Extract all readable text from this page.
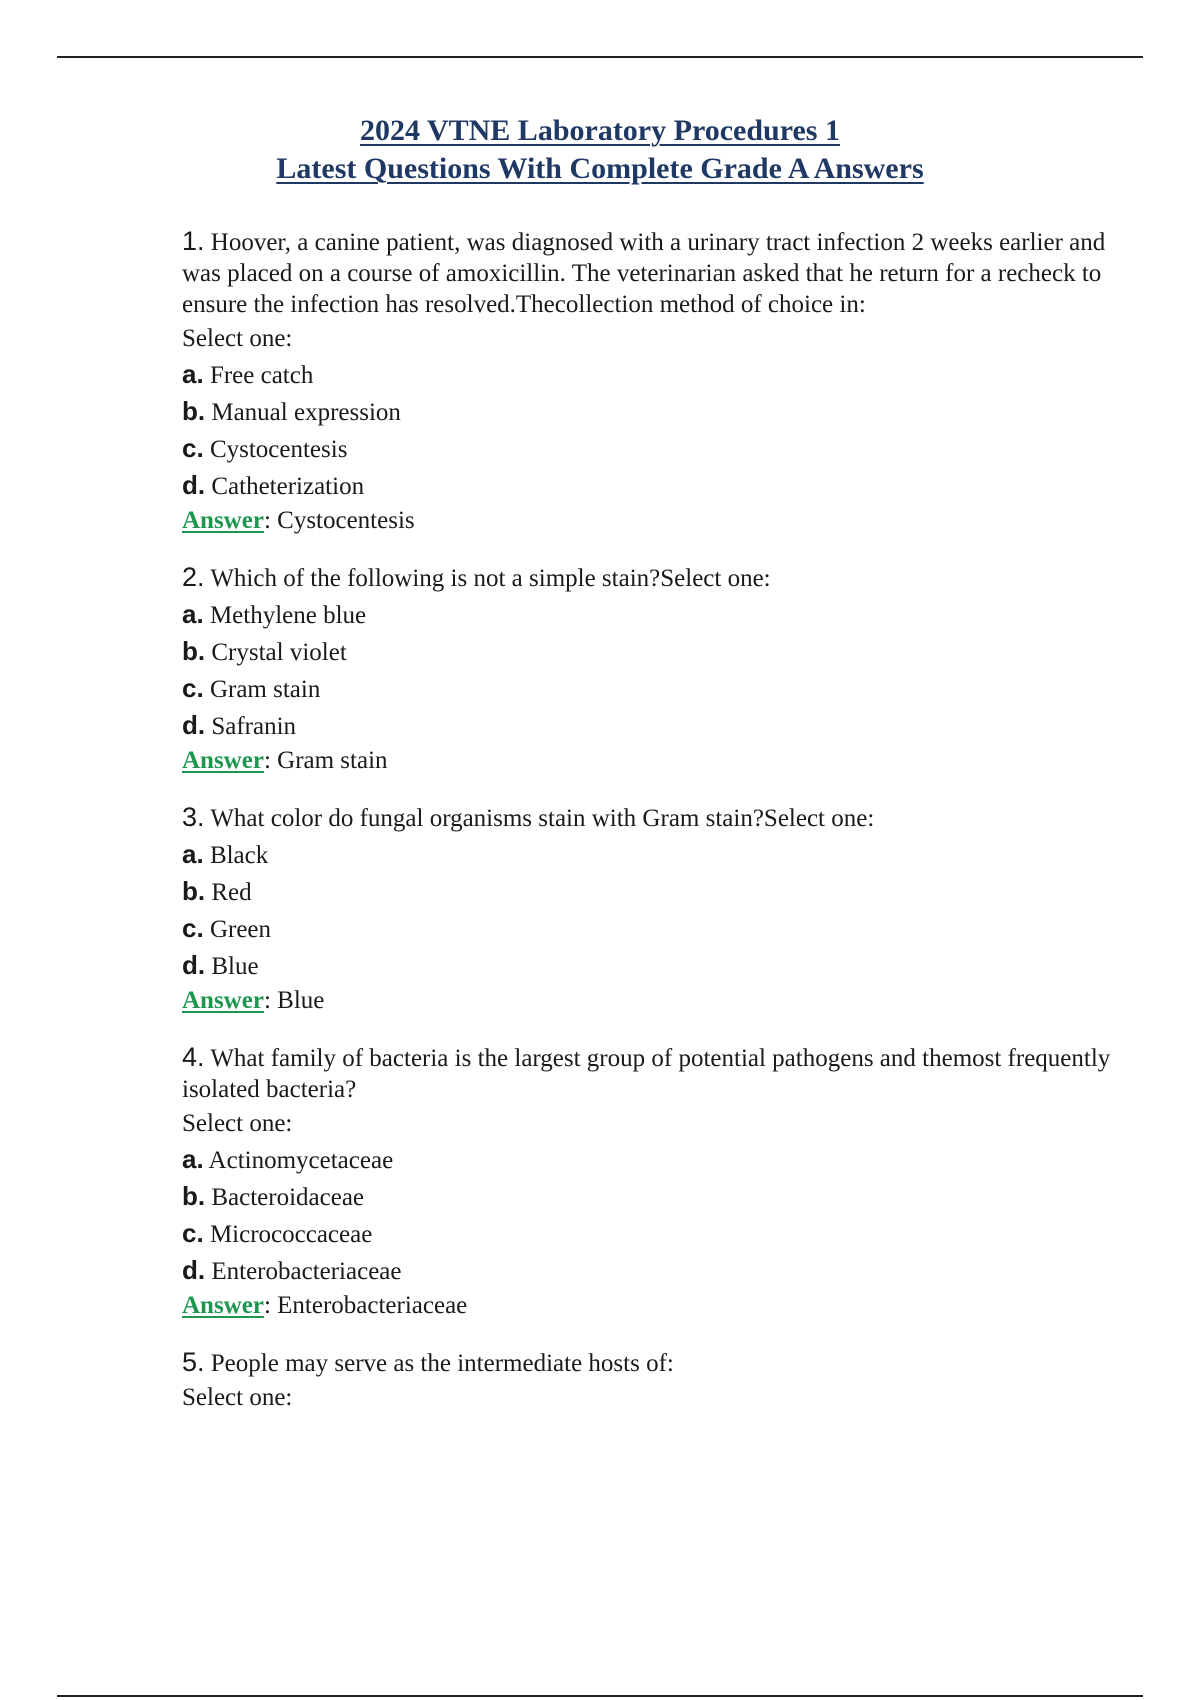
2024 VTNE Laboratory Procedures 1
Latest Questions With Complete Grade A Answers

1. Hoover, a canine patient, was diagnosed with a urinary tract infection 2 weeks earlier and was placed on a course of amoxicillin. The veterinarian asked that he return for a recheck to ensure the infection has resolved.Thecollection method of choice in:

Select one:
a. Free catch
b. Manual expression
c. Cystocentesis
d. Catheterization
Answer: Cystocentesis

2. Which of the following is not a simple stain?Select one:

a. Methylene blue
b. Crystal violet
c. Gram stain
d. Safranin
Answer: Gram stain

3. What color do fungal organisms stain with Gram stain?Select one:

a. Black
b. Red
c. Green
d. Blue
Answer: Blue

4. What family of bacteria is the largest group of potential pathogens and themost frequently isolated bacteria?

Select one:
a. Actinomycetaceae
b. Bacteroidaceae
c. Micrococcaceae
d. Enterobacteriaceae
Answer: Enterobacteriaceae

5. People may serve as the intermediate hosts of:

Select one:
